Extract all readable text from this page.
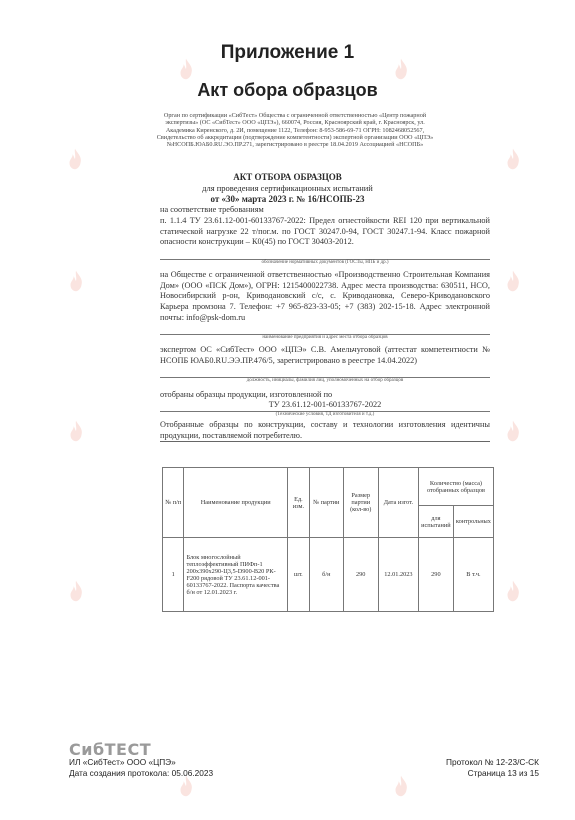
Приложение 1
Акт обора образцов
Орган по сертификации «СибТест» Общества с ограниченной ответственностью «Центр пожарной экспертизы» (ОС «СибТест» ООО «ЦПЭ»), 660074, Россия, Красноярский край, г. Красноярск, ул. Академика Киренского, д. 2И, помещение 1122, Телефон: 8-953-586-69-71 ОГРН: 1082468052567, Свидетельство об аккредитации (подтверждение компетентности) экспертной организации ООО «ЦПЭ» №НСОПБ.ЮАБ0.RU.ЭО.ПР.271, зарегистрировано в реестре 18.04.2019 Ассоциацией «НСОПБ»
АКТ ОТБОРА ОБРАЗЦОВ
для проведения сертификационных испытаний
от «30» марта 2023 г. № 16/НСОПБ-23
на соответствие требованиям
п. 1.1.4 ТУ 23.61.12-001-60133767-2022: Предел огнестойкости REI 120 при вертикальной статической нагрузке 22 т/пог.м. по ГОСТ 30247.0-94, ГОСТ 30247.1-94. Класс пожарной опасности конструкции – К0(45) по ГОСТ 30403-2012.
обозначение нормативных документов (ГОСТы, НПБ и др.)
на Обществе с ограниченной ответственностью «Производственно Строительная Компания Дом» (ООО «ПСК Дом»), ОГРН: 1215400022738. Адрес места производства: 630511, НСО, Новосибирский р-он, Криводановский с/с, с. Криводановка, Северо-Криводановского Карьера промзона 7. Телефон: +7 965-823-33-05; +7 (383) 202-15-18. Адрес электронной почты: info@psk-dom.ru
наименование предприятия и адрес места отбора образцов
экспертом ОС «СибТест» ООО «ЦПЭ» С.В. Амельчуговой (аттестат компетентности № НСОПБ ЮАБ0.RU.ЭЭ.ПР.476/5, зарегистрировано в реестре 14.04.2022)
должность, инициалы, фамилия лиц, уполномоченных на отбор образцов
отобраны образцы продукции, изготовленной по
ТУ 23.61.12-001-60133767-2022
(Технические условия, ТД изготовителя и т.д.)
Отобранные образцы по конструкции, составу и технологии изготовления идентичны продукции, поставляемой потребителю.
№ п/п	Наименование продукции	Ед. изм.	№ партии	Размер партии (кол-во)	Дата изгот.	Количество (масса) отобранных образцов	
						для испытаний	контрольных
1	Блок многослойный теплоэффективный ПИФп-1 200х390х290-Ц3,5-D900-В20 РК-F200 рядовой ТУ 23.61.12-001-60133767-2022. Паспорта качества б/н от 12.01.2023 г.	шт.	б/н	290	12.01.2023	290	В т.ч.
СибТЕСТ
ИЛ «СибТест» ООО «ЦПЭ»
Дата создания протокола: 05.06.2023
Протокол № 12-23/С-СК
Страница 13 из 15
